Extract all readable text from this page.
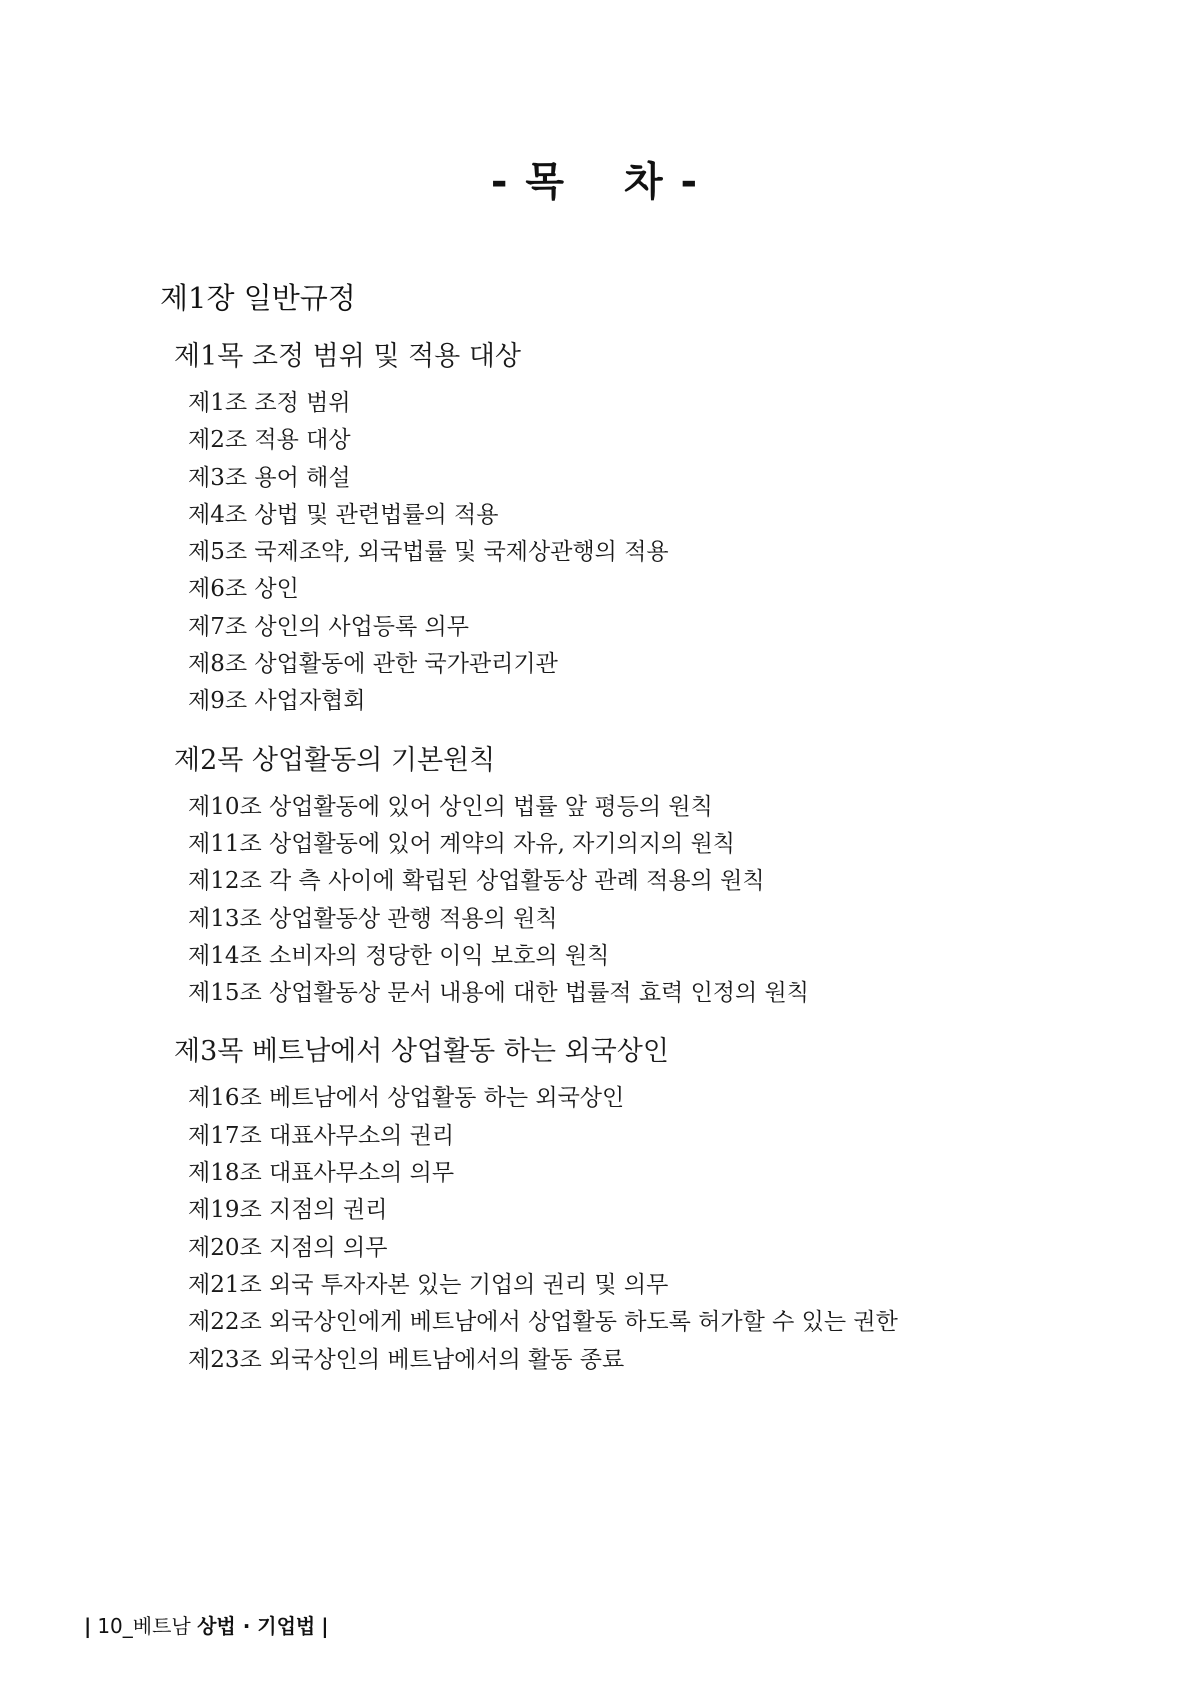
- 목 　차 -
제1장 일반규정
제1목 조정 범위 및 적용 대상
제1조 조정 범위
제2조 적용 대상
제3조 용어 해설
제4조 상법 및 관련법률의 적용
제5조 국제조약, 외국법률 및 국제상관행의 적용
제6조 상인
제7조 상인의 사업등록 의무
제8조 상업활동에 관한 국가관리기관
제9조 사업자협회
제2목 상업활동의 기본원칙
제10조 상업활동에 있어 상인의 법률 앞 평등의 원칙
제11조 상업활동에 있어 계약의 자유, 자기의지의 원칙
제12조 각 측 사이에 확립된 상업활동상 관례 적용의 원칙
제13조 상업활동상 관행 적용의 원칙
제14조 소비자의 정당한 이익 보호의 원칙
제15조 상업활동상 문서 내용에 대한 법률적 효력 인정의 원칙
제3목 베트남에서 상업활동 하는 외국상인
제16조 베트남에서 상업활동 하는 외국상인
제17조 대표사무소의 권리
제18조 대표사무소의 의무
제19조 지점의 권리
제20조 지점의 의무
제21조 외국 투자자본 있는 기업의 권리 및 의무
제22조 외국상인에게 베트남에서 상업활동 하도록 허가할 수 있는 권한
제23조 외국상인의 베트남에서의 활동 종료
| 10_베트남 상법 · 기업법 |
